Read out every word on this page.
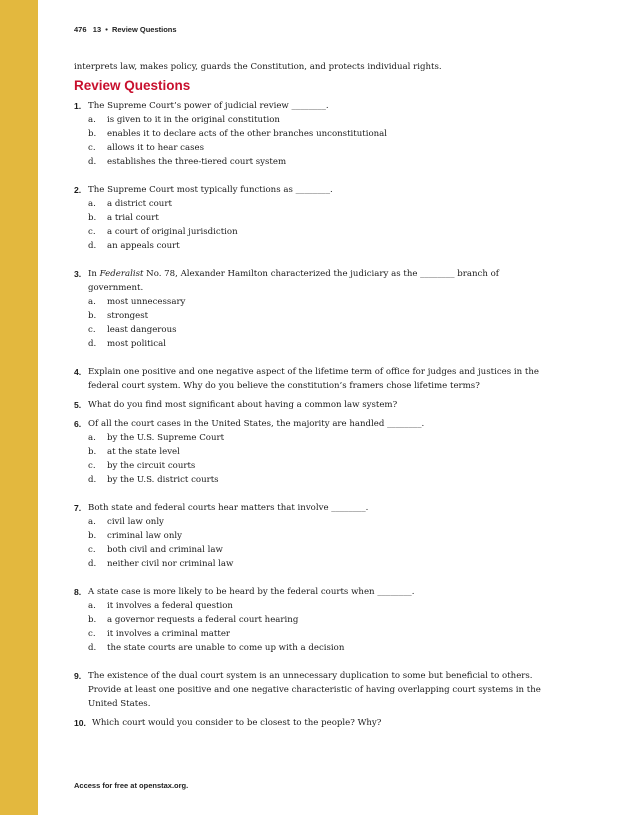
476 13 • Review Questions

interprets law, makes policy, guards the Constitution, and protects individual rights.

Review Questions
1. The Supreme Court’s power of judicial review ________.
a.	is given to it in the original constitution
b.	enables it to declare acts of the other branches unconstitutional
c.	allows it to hear cases
d.	establishes the three-tiered court system
2. The Supreme Court most typically functions as ________.
a.	a district court
b.	a trial court
c.	a court of original jurisdiction
d.	an appeals court
3. In Federalist No. 78, Alexander Hamilton characterized the judiciary as the ________ branch of government.
a.	most unnecessary
b.	strongest
c.	least dangerous
d.	most political
4. Explain one positive and one negative aspect of the lifetime term of office for judges and justices in the federal court system. Why do you believe the constitution’s framers chose lifetime terms?
5. What do you find most significant about having a common law system?
6. Of all the court cases in the United States, the majority are handled ________.
a.	by the U.S. Supreme Court
b.	at the state level
c.	by the circuit courts
d.	by the U.S. district courts
7. Both state and federal courts hear matters that involve ________.
a.	civil law only
b.	criminal law only
c.	both civil and criminal law
d.	neither civil nor criminal law
8. A state case is more likely to be heard by the federal courts when ________.
a.	it involves a federal question
b.	a governor requests a federal court hearing
c.	it involves a criminal matter
d.	the state courts are unable to come up with a decision
9. The existence of the dual court system is an unnecessary duplication to some but beneficial to others. Provide at least one positive and one negative characteristic of having overlapping court systems in the United States.
10. Which court would you consider to be closest to the people? Why?
Access for free at openstax.org.
